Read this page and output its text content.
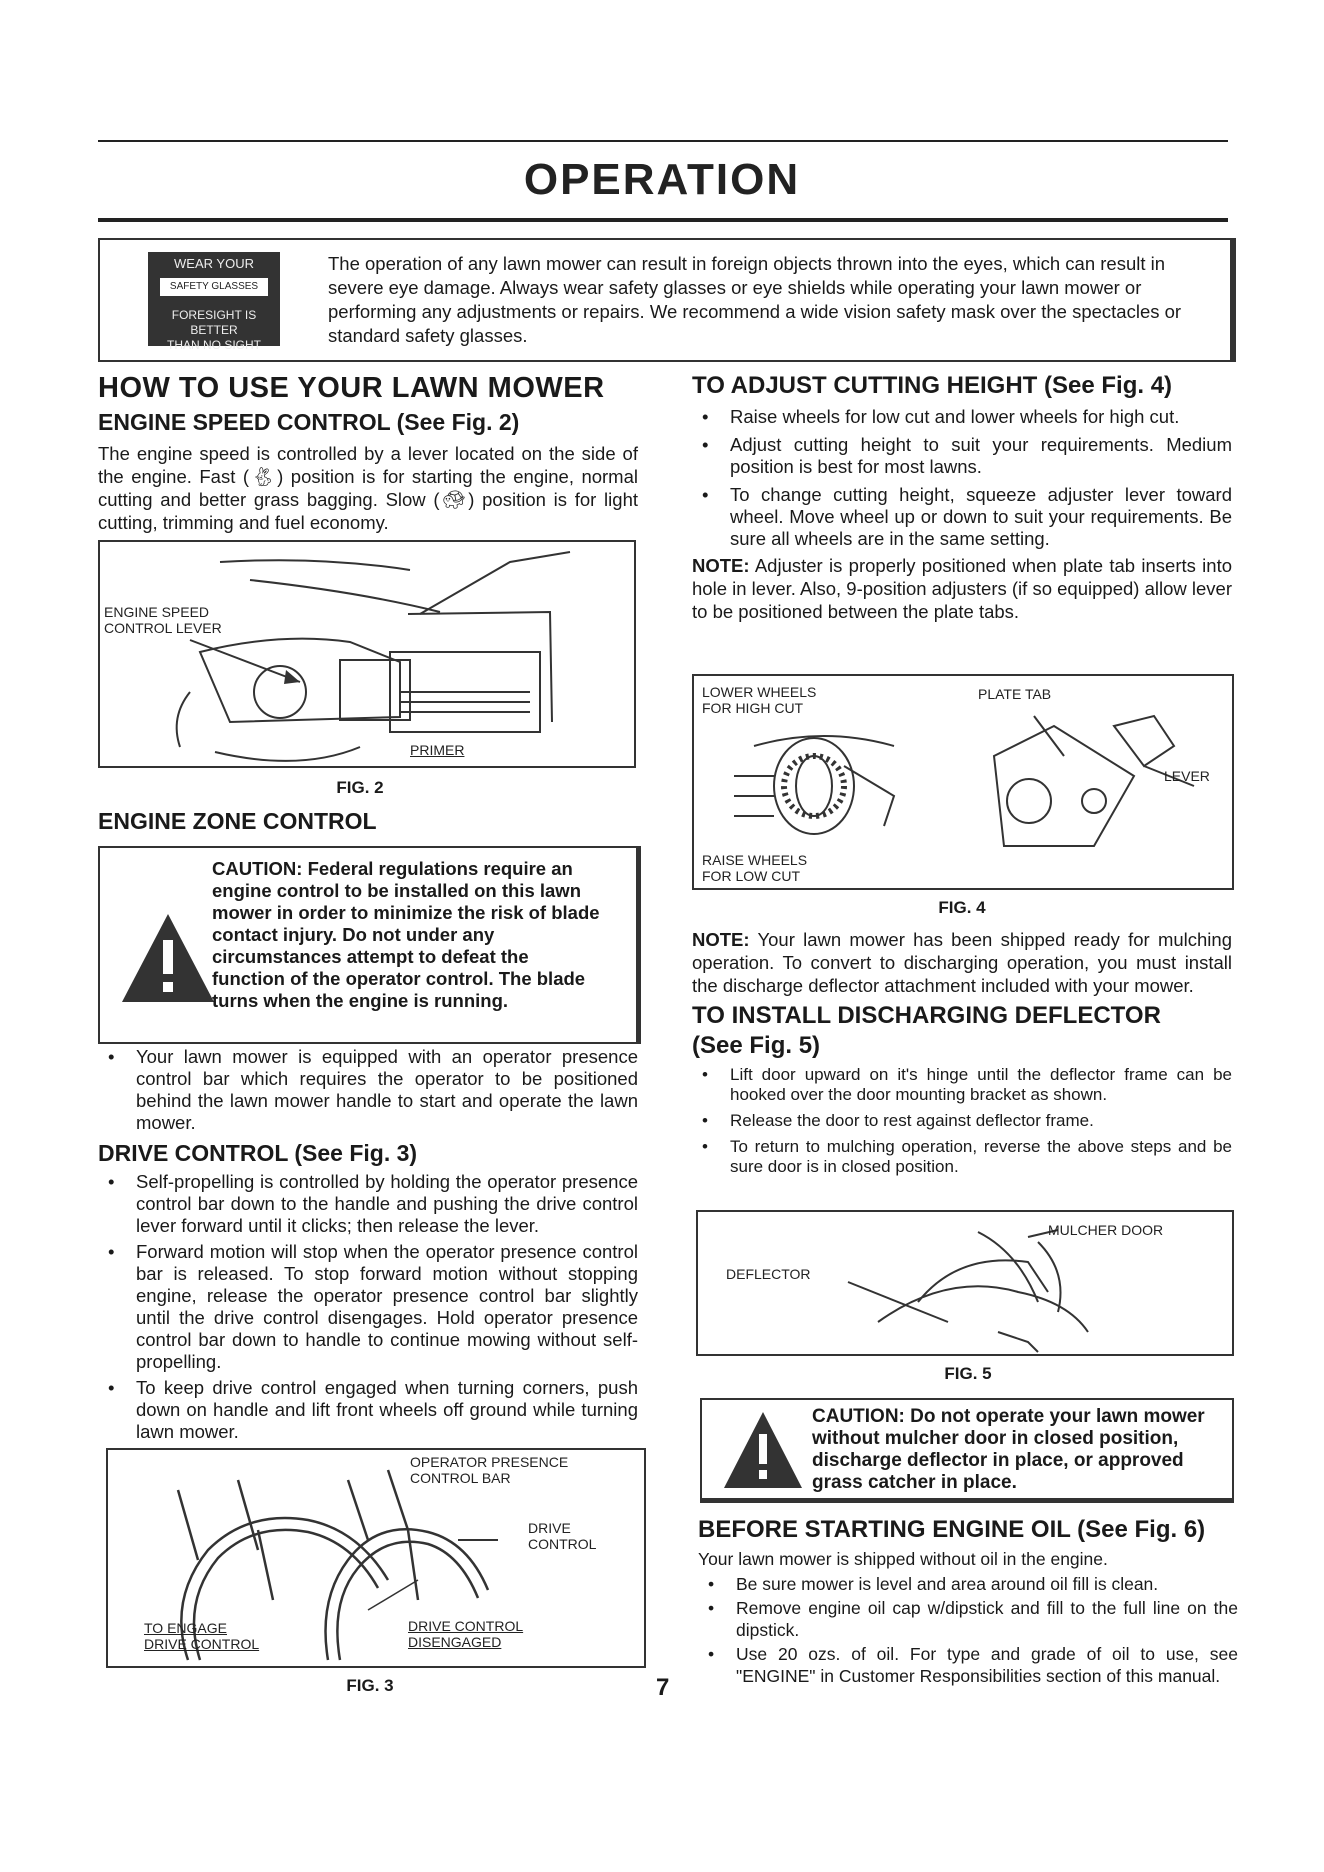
OPERATION
WEAR YOUR
SAFETY GLASSES
FORESIGHT IS BETTER
THAN NO SIGHT
The operation of any lawn mower can result in foreign objects thrown into the eyes, which can result in severe eye damage. Always wear safety glasses or eye shields while operating your lawn mower or performing any adjustments or repairs. We recommend a wide vision safety mask over the spectacles or standard safety glasses.
HOW TO USE YOUR LAWN MOWER
ENGINE SPEED CONTROL (See Fig. 2)

The engine speed is controlled by a lever located on the side of the engine. Fast (🐇︎) position is for starting the engine, normal cutting and better grass bagging. Slow (🐢︎) position is for light cutting, trimming and fuel economy.

ENGINE SPEED CONTROL LEVER
PRIMER
FIG. 2
ENGINE ZONE CONTROL
CAUTION: Federal regulations require an engine control to be installed on this lawn mower in order to minimize the risk of blade contact injury. Do not under any circumstances attempt to defeat the function of the operator control. The blade turns when the engine is running.
• Your lawn mower is equipped with an operator presence control bar which requires the operator to be positioned behind the lawn mower handle to start and operate the lawn mower.
DRIVE CONTROL (See Fig. 3)
• Self-propelling is controlled by holding the operator presence control bar down to the handle and pushing the drive control lever forward until it clicks; then release the lever.
• Forward motion will stop when the operator presence control bar is released. To stop forward motion without stopping engine, release the operator presence control bar slightly until the drive control disengages. Hold operator presence control bar down to handle to continue mowing without self-propelling.
• To keep drive control engaged when turning corners, push down on handle and lift front wheels off ground while turning lawn mower.
OPERATOR PRESENCE
CONTROL BAR
DRIVE
CONTROL
TO ENGAGE
DRIVE CONTROL
DRIVE CONTROL
DISENGAGED
FIG. 3	7
TO ADJUST CUTTING HEIGHT (See Fig. 4)
• Raise wheels for low cut and lower wheels for high cut.
• Adjust cutting height to suit your requirements. Medium position is best for most lawns.
• To change cutting height, squeeze adjuster lever toward wheel. Move wheel up or down to suit your requirements. Be sure all wheels are in the same setting.

NOTE: Adjuster is properly positioned when plate tab inserts into hole in lever. Also, 9-position adjusters (if so equipped) allow lever to be positioned between the plate tabs.

LOWER WHEELS
FOR HIGH CUT
PLATE TAB
LEVER
RAISE WHEELS
FOR LOW CUT
FIG. 4

NOTE: Your lawn mower has been shipped ready for mulching operation. To convert to discharging operation, you must install the discharge deflector attachment included with your mower.

TO INSTALL DISCHARGING DEFLECTOR
(See Fig. 5)
• Lift door upward on it's hinge until the deflector frame can be hooked over the door mounting bracket as shown.
• Release the door to rest against deflector frame.
• To return to mulching operation, reverse the above steps and be sure door is in closed position.
MULCHER DOOR
DEFLECTOR
FIG. 5
CAUTION: Do not operate your lawn mower without mulcher door in closed position, discharge deflector in place, or approved grass catcher in place.
BEFORE STARTING ENGINE OIL (See Fig. 6)

Your lawn mower is shipped without oil in the engine.

• Be sure mower is level and area around oil fill is clean.
• Remove engine oil cap w/dipstick and fill to the full line on the dipstick.
• Use 20 ozs. of oil. For type and grade of oil to use, see "ENGINE" in Customer Responsibilities section of this manual.
